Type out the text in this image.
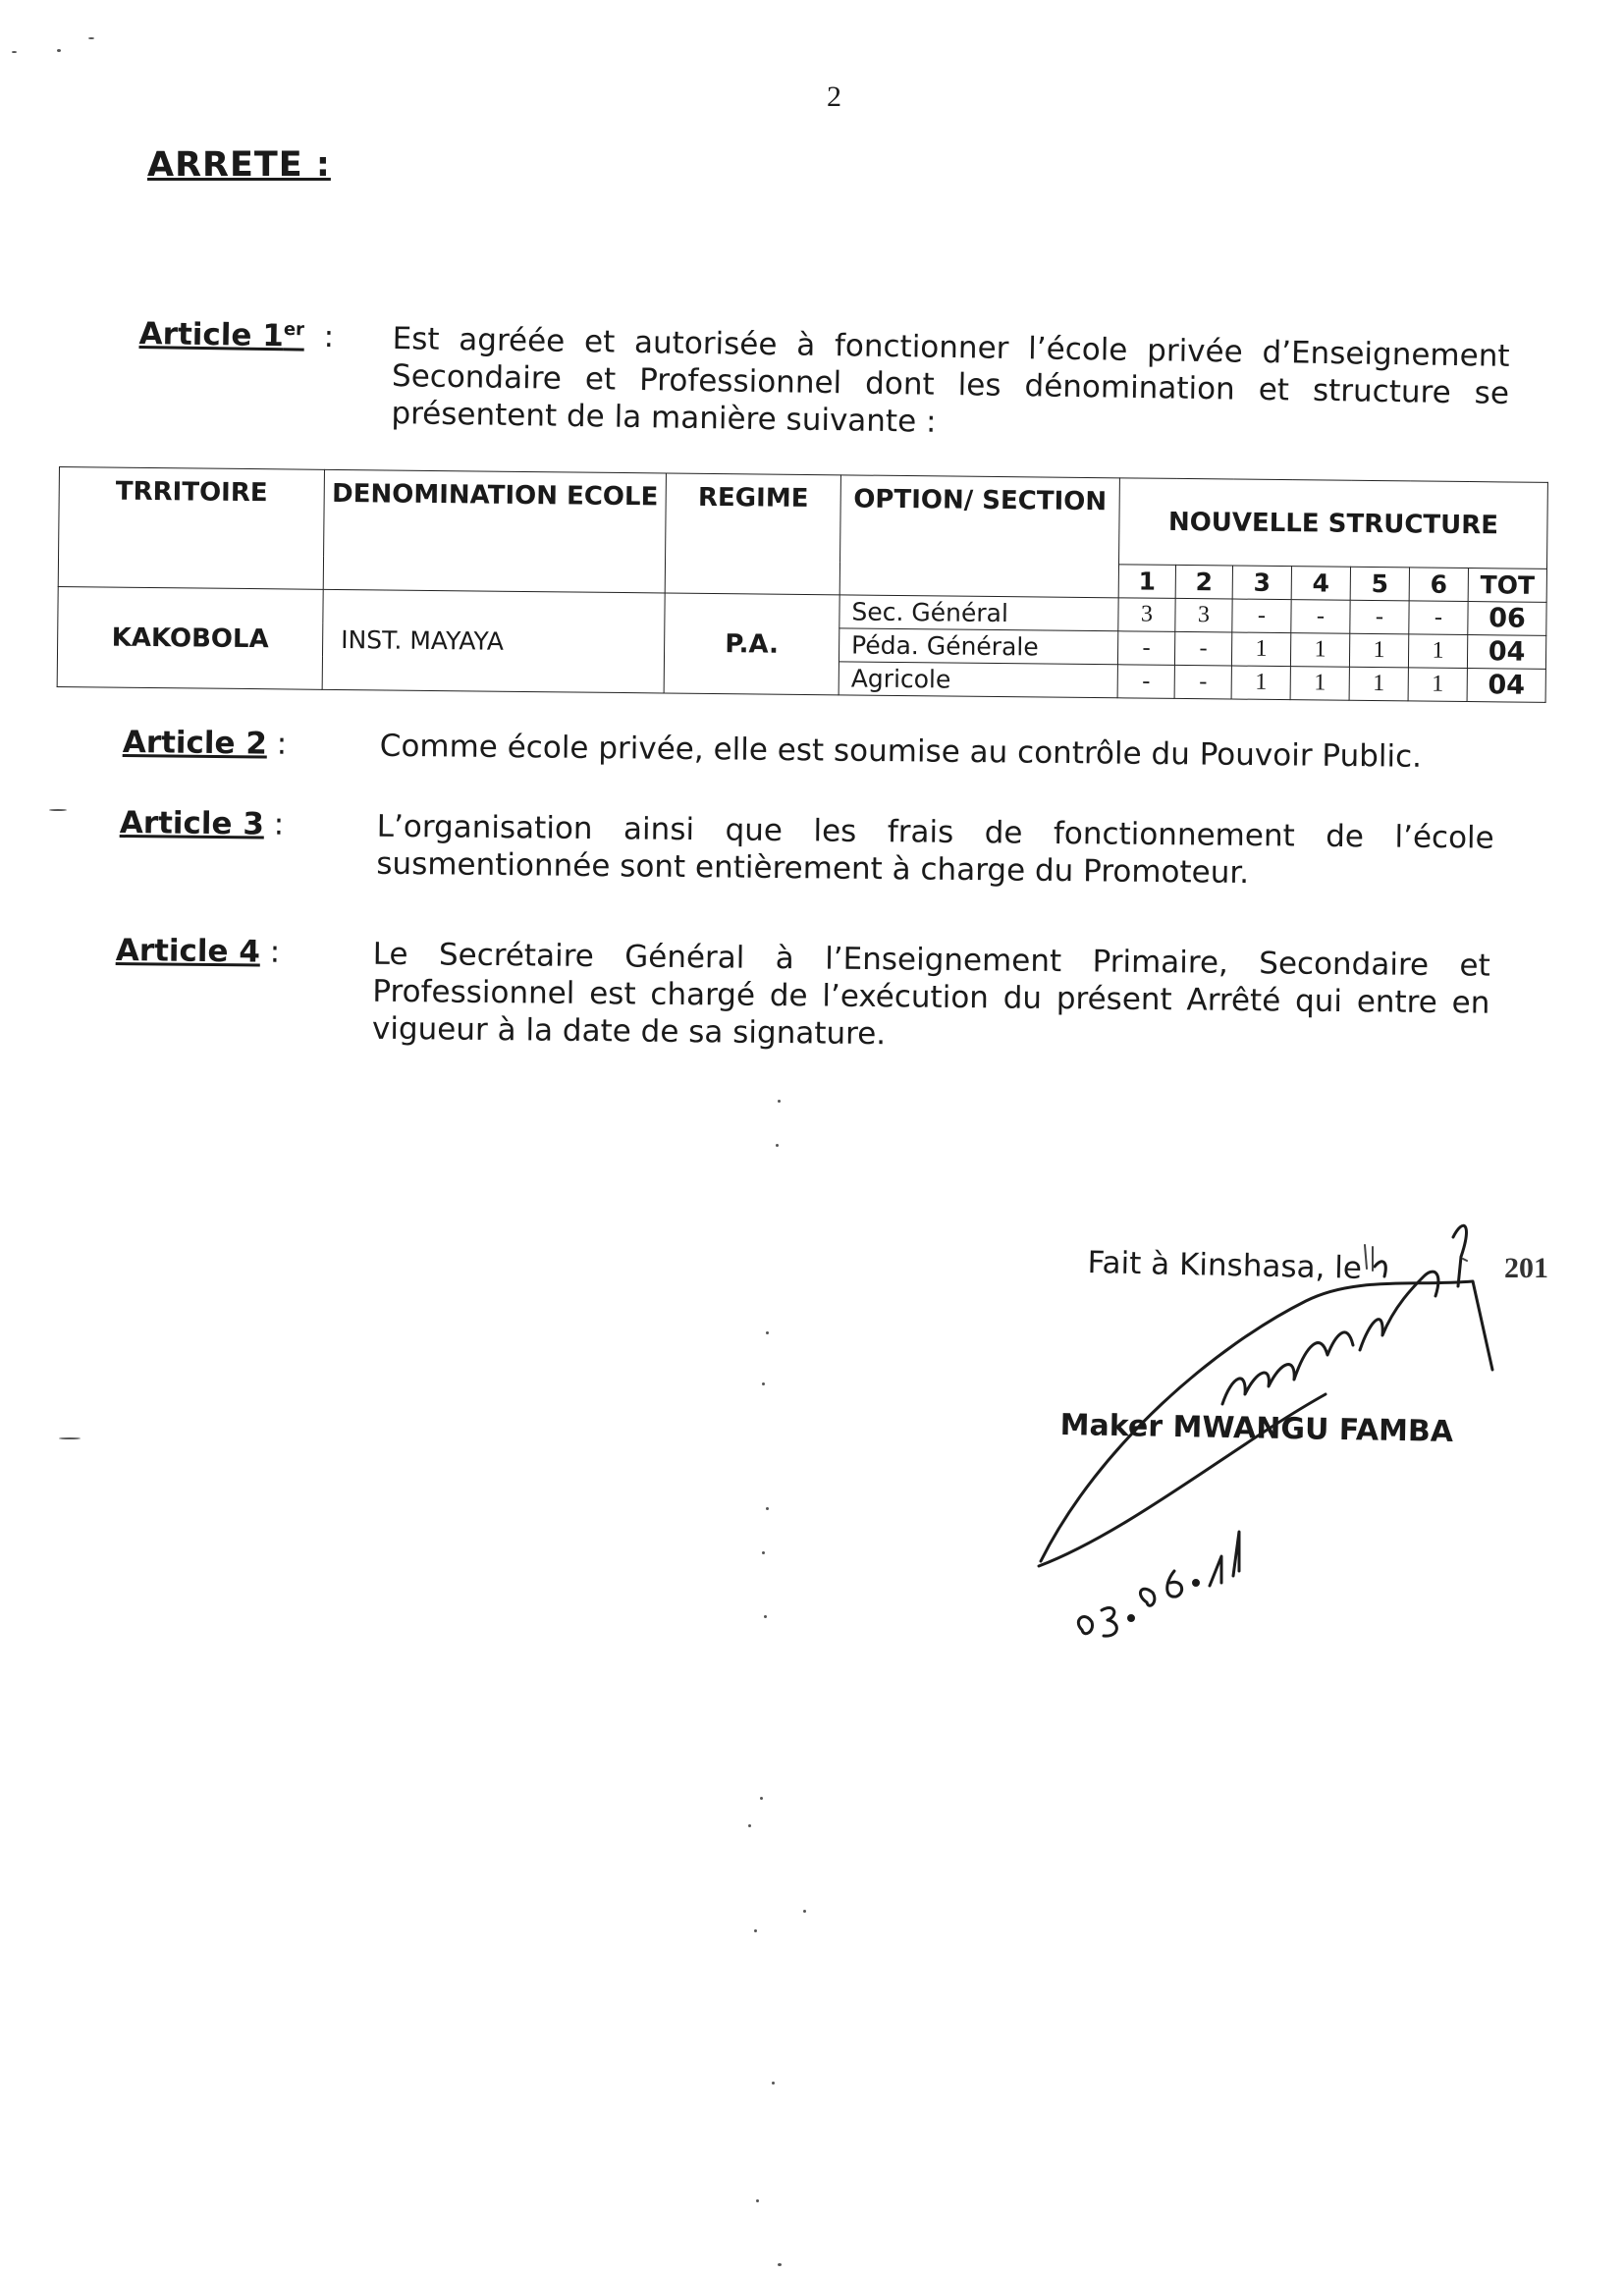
2
ARRETE :
Article 1er :	Est agréée et autorisée à fonctionner l’école privée d’Enseignement Secondaire et Professionnel dont les dénomination et structure se présentent de la manière suivante :
TRRITOIRE	DENOMINATION ECOLE	REGIME	OPTION/ SECTION	NOUVELLE STRUCTURE						
				1	2	3	4	5	6	TOT
KAKOBOLA	INST. MAYAYA	P.A.	Sec. Général	3	3	-	-	-	-	06
			Péda. Générale	-	-	1	1	1	1	04
			Agricole	-	-	1	1	1	1	04
Article 2 :	Comme école privée, elle est soumise au contrôle du Pouvoir Public.
Article 3 :	L’organisation ainsi que les frais de fonctionnement de l’école susmentionnée sont entièrement à charge du Promoteur.
Article 4 :	Le Secrétaire Général à l’Enseignement Primaire, Secondaire et Professionnel est chargé de l’exécution du présent Arrêté qui entre en vigueur à la date de sa signature.
Fait à Kinshasa, le	201
Maker MWANGU FAMBA
